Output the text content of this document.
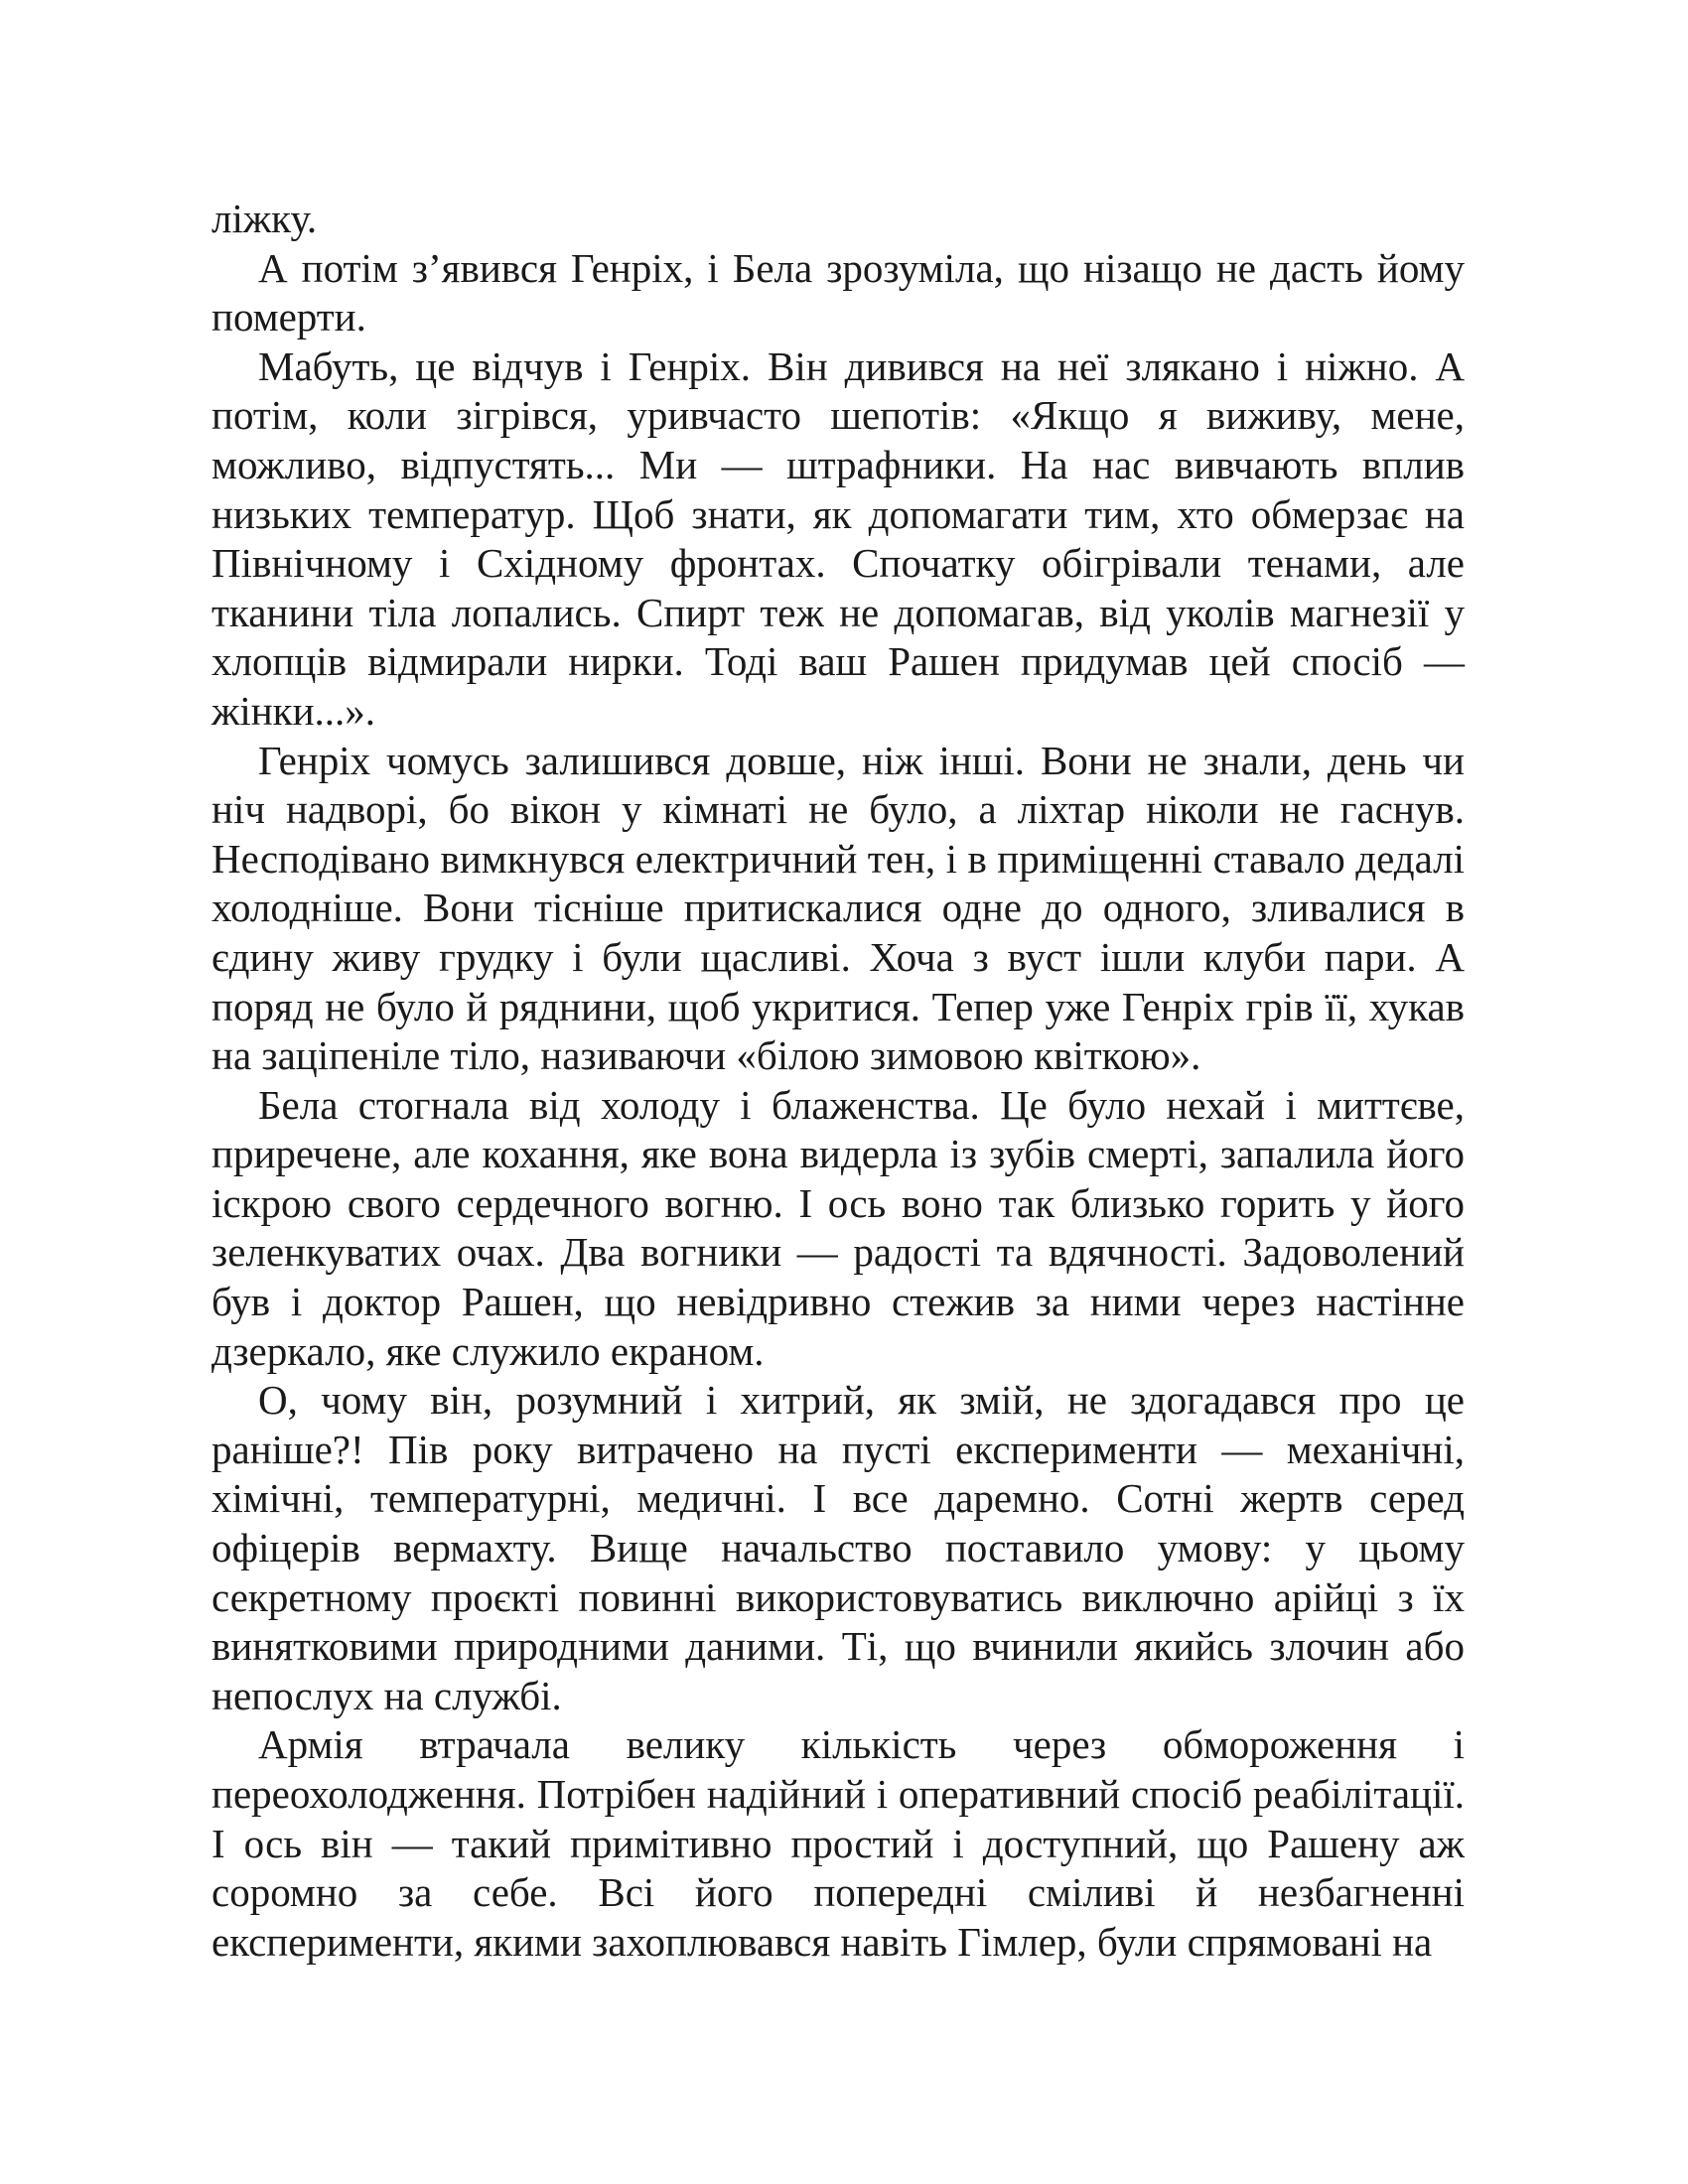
ліжку.

А потім з’явився Генріх, і Бела зрозуміла, що нізащо не дасть йому померти.

Мабуть, це відчув і Генріх. Він дивився на неї злякано і ніжно. А потім, коли зігрівся, уривчасто шепотів: «Якщо я виживу, мене, можливо, відпустять... Ми — штрафники. На нас вивчають вплив низьких температур. Щоб знати, як допомагати тим, хто обмерзає на Північному і Східному фронтах. Спочатку обігрівали тенами, але тканини тіла лопались. Спирт теж не допомагав, від уколів магнезії у хлопців відмирали нирки. Тоді ваш Рашен придумав цей спосіб — жінки...».

Генріх чомусь залишився довше, ніж інші. Вони не знали, день чи ніч надворі, бо вікон у кімнаті не було, а ліхтар ніколи не гаснув. Несподівано вимкнувся електричний тен, і в приміщенні ставало дедалі холодніше. Вони тісніше притискалися одне до одного, зливалися в єдину живу грудку і були щасливі. Хоча з вуст ішли клуби пари. А поряд не було й ряднини, щоб укритися. Тепер уже Генріх грів її, хукав на заціпеніле тіло, називаючи «білою зимовою квіткою».

Бела стогнала від холоду і блаженства. Це було нехай і миттєве, приречене, але кохання, яке вона видерла із зубів смерті, запалила його іскрою свого сердечного вогню. І ось воно так близько горить у його зеленкуватих очах. Два вогники — радості та вдячності. Задоволений був і доктор Рашен, що невідривно стежив за ними через настінне дзеркало, яке служило екраном.

О, чому він, розумний і хитрий, як змій, не здогадався про це раніше?! Пів року витрачено на пусті експерименти — механічні, хімічні, температурні, медичні. І все даремно. Сотні жертв серед офіцерів вермахту. Вище начальство поставило умову: у цьому секретному проєкті повинні використовуватись виключно арійці з їх винятковими природними даними. Ті, що вчинили якийсь злочин або непослух на службі.

Армія втрачала велику кількість через обмороження і переохолодження. Потрібен надійний і оперативний спосіб реабілітації. І ось він — такий примітивно простий і доступний, що Рашену аж соромно за себе. Всі його попередні сміливі й незбагненні експерименти, якими захоплювався навіть Гімлер, були спрямовані на
